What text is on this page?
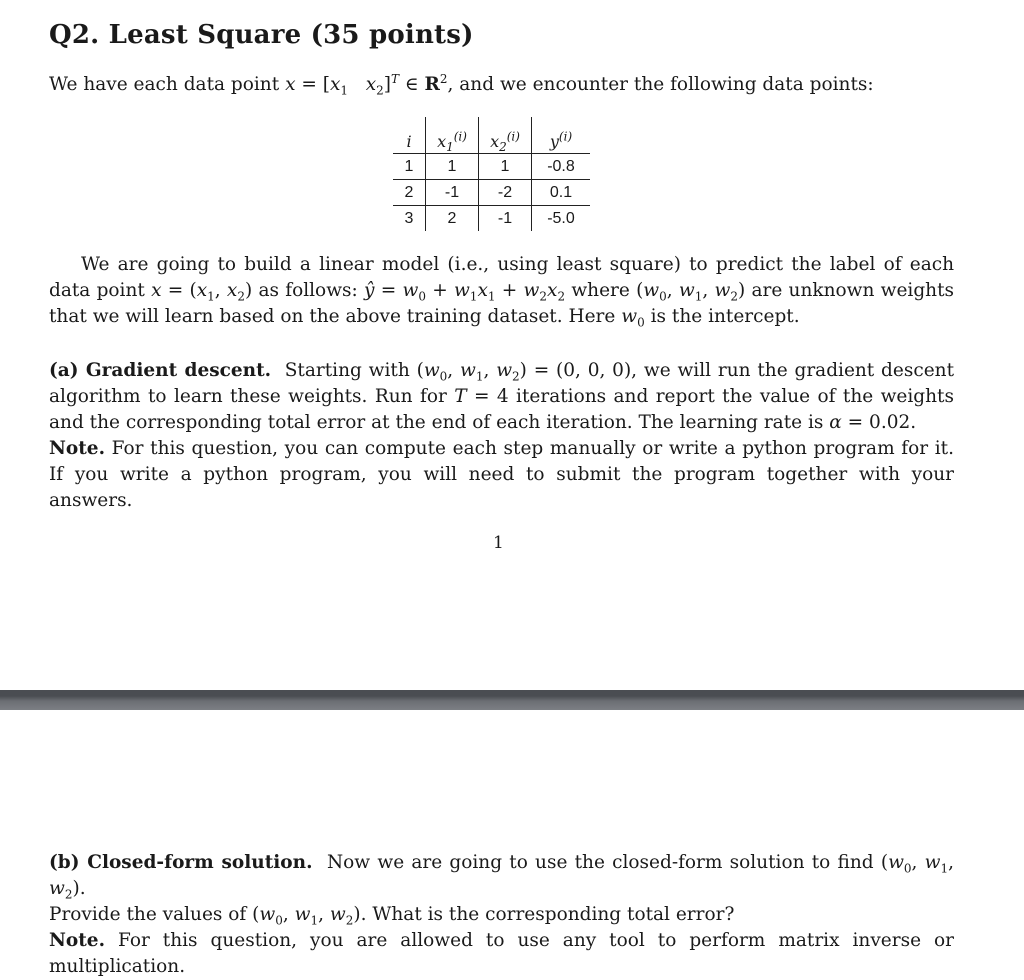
Q2. Least Square (35 points)

We have each data point $x = [x_1$ $x_2]^T$ ∈ $R^2$, and we encounter the following data points:

i	$x_1^{(i)}$	$x_2^{(i)}$	$y^{(i)}$
1	1	1	-0.8
2	-1	-2	0.1
3	2	-1	-5.0

We are going to build a linear model (i.e., using least square) to predict the label of each data point $x = (x_1$, $x_2$) as follows: ŷ = $w_0 + w_1x_1 + w_2x_2$ where ($w_0$, $w_1$, $w_2$) are unknown weights that we will learn based on the above training dataset. Here $w_0$ is the intercept.

(a) Gradient descent. Starting with ($w_0$, $w_1$, $w_2) = (0$, 0, 0), we will run the gradient descent algorithm to learn these weights. Run for T = 4 iterations and report the value of the weights and the corresponding total error at the end of each iteration. The learning rate is α = 0.02.
Note. For this question, you can compute each step manually or write a python program for it. If you write a python program, you will need to submit the program together with your answers.

1

(b) Closed-form solution. Now we are going to use the closed-form solution to find ($w_0$, $w_1$, $w_2$).
Provide the values of ($w_0$, $w_1$, $w_2$). What is the corresponding total error?
Note. For this question, you are allowed to use any tool to perform matrix inverse or multiplication.
